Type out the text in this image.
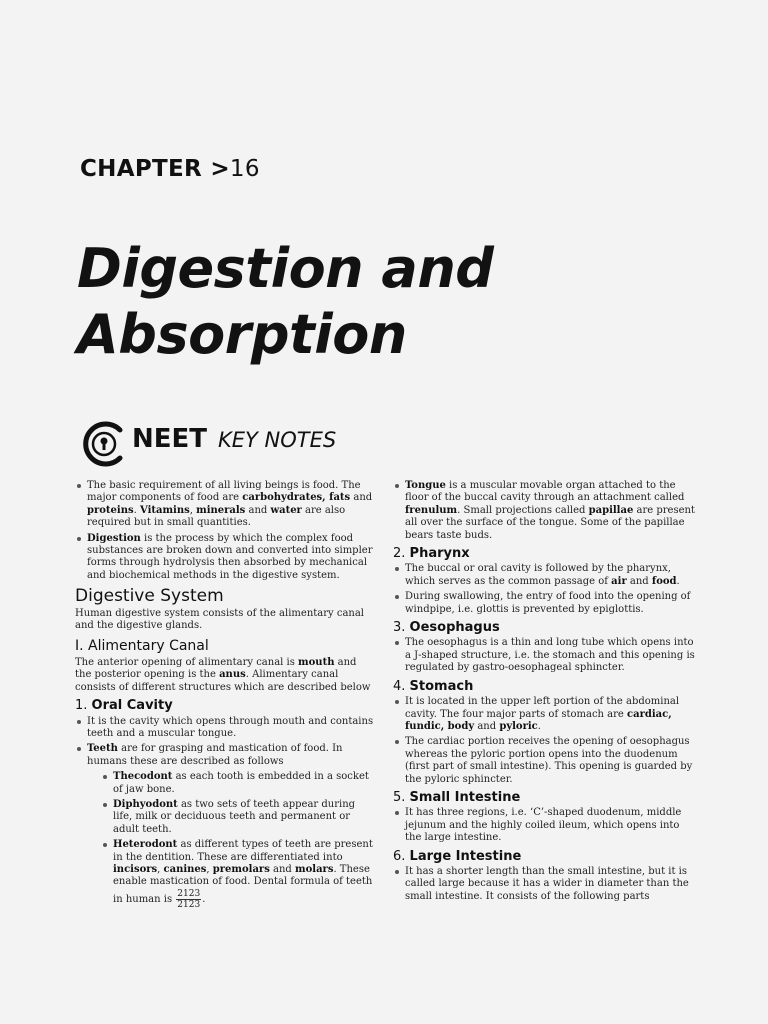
CHAPTER >16
Digestion and
Absorption
NEET KEY NOTES
The basic requirement of all living beings is food. The major components of food are carbohydrates, fats and proteins. Vitamins, minerals and water are also required but in small quantities.
Digestion is the process by which the complex food substances are broken down and converted into simpler forms through hydrolysis then absorbed by mechanical and biochemical methods in the digestive system.
Digestive System

Human digestive system consists of the alimentary canal and the digestive glands.

I. Alimentary Canal

The anterior opening of alimentary canal is mouth and the posterior opening is the anus. Alimentary canal consists of different structures which are described below

1. Oral Cavity
It is the cavity which opens through mouth and contains teeth and a muscular tongue.
Teeth are for grasping and mastication of food. In humans these are described as follows
Thecodont as each tooth is embedded in a socket of jaw bone.
Diphyodont as two sets of teeth appear during life, milk or deciduous teeth and permanent or adult teeth.
Heterodont as different types of teeth are present in the dentition. These are differentiated into incisors, canines, premolars and molars. These enable mastication of food. Dental formula of teeth in human is $\frac{2123}{2123}$ .
Tongue is a muscular movable organ attached to the floor of the buccal cavity through an attachment called frenulum. Small projections called papillae are present all over the surface of the tongue. Some of the papillae bears taste buds.
2. Pharynx
The buccal or oral cavity is followed by the pharynx, which serves as the common passage of air and food.
During swallowing, the entry of food into the opening of windpipe, i.e. glottis is prevented by epiglottis.
3. Oesophagus
The oesophagus is a thin and long tube which opens into a J-shaped structure, i.e. the stomach and this opening is regulated by gastro-oesophageal sphincter.
4. Stomach
It is located in the upper left portion of the abdominal cavity. The four major parts of stomach are cardiac, fundic, body and pyloric.
The cardiac portion receives the opening of oesophagus whereas the pyloric portion opens into the duodenum (first part of small intestine). This opening is guarded by the pyloric sphincter.
5. Small Intestine
It has three regions, i.e. ‘C’-shaped duodenum, middle jejunum and the highly coiled ileum, which opens into the large intestine.
6. Large Intestine
It has a shorter length than the small intestine, but it is called large because it has a wider in diameter than the small intestine. It consists of the following parts
